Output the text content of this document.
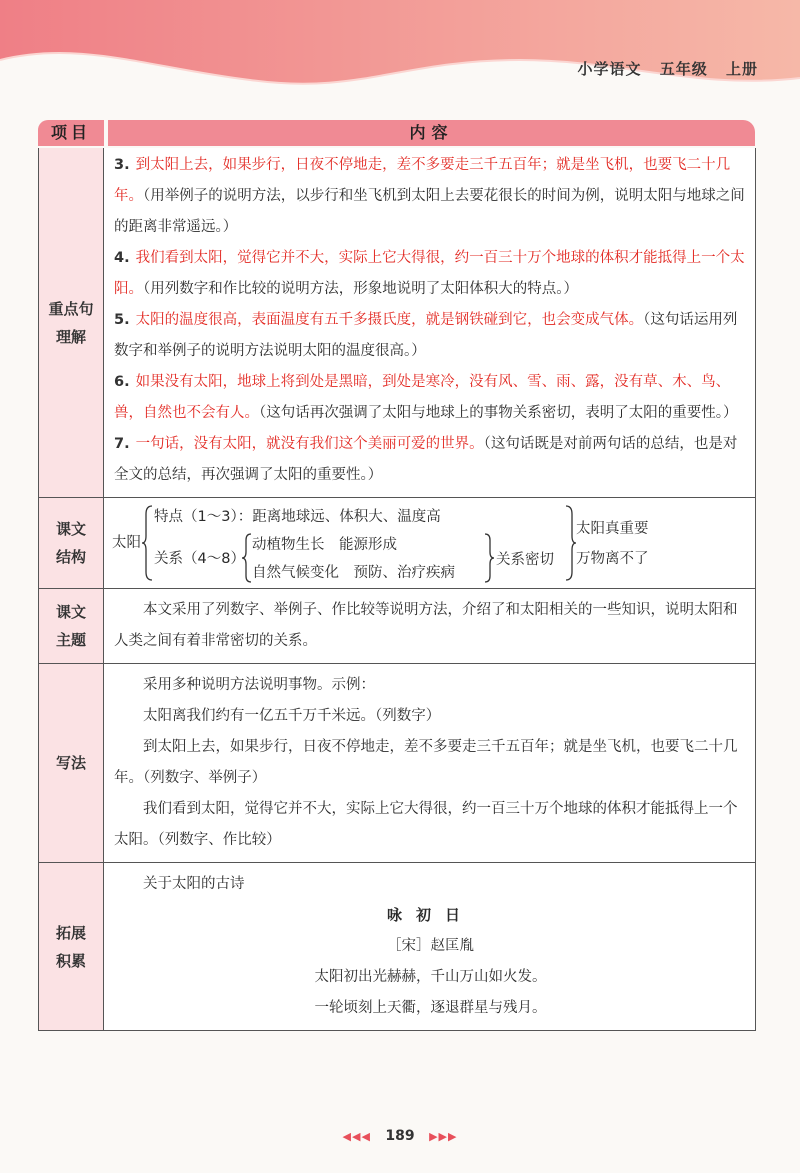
小学语文 五年级 上册
项目	内容
重点句
理解
3. 到太阳上去，如果步行，日夜不停地走，差不多要走三千五百年；就是坐飞机，也要飞二十几年。（用举例子的说明方法，以步行和坐飞机到太阳上去要花很长的时间为例，说明太阳与地球之间的距离非常遥远。）
4. 我们看到太阳，觉得它并不大，实际上它大得很，约一百三十万个地球的体积才能抵得上一个太阳。（用列数字和作比较的说明方法，形象地说明了太阳体积大的特点。）
5. 太阳的温度很高，表面温度有五千多摄氏度，就是钢铁碰到它，也会变成气体。（这句话运用列数字和举例子的说明方法说明太阳的温度很高。）
6. 如果没有太阳，地球上将到处是黑暗，到处是寒冷，没有风、雪、雨、露，没有草、木、鸟、兽，自然也不会有人。（这句话再次强调了太阳与地球上的事物关系密切，表明了太阳的重要性。）
7. 一句话，没有太阳，就没有我们这个美丽可爱的世界。（这句话既是对前两句话的总结，也是对全文的总结，再次强调了太阳的重要性。）
课文
结构
太阳
特点（1～3）：距离地球远、体积大、温度高
关系（4～8）
动植物生长　能源形成
自然气候变化　预防、治疗疾病
关系密切
太阳真重要
万物离不了
课文
主题
本文采用了列数字、举例子、作比较等说明方法，介绍了和太阳相关的一些知识，说明太阳和人类之间有着非常密切的关系。
写法
采用多种说明方法说明事物。示例：
太阳离我们约有一亿五千万千米远。（列数字）
到太阳上去，如果步行，日夜不停地走，差不多要走三千五百年；就是坐飞机，也要飞二十几年。（列数字、举例子）
我们看到太阳，觉得它并不大，实际上它大得很，约一百三十万个地球的体积才能抵得上一个太阳。（列数字、作比较）
拓展
积累
关于太阳的古诗
咏初日
［宋］赵匡胤
太阳初出光赫赫，千山万山如火发。
一轮顷刻上天衢，逐退群星与残月。
◀◀◀ 189 ▶▶▶
